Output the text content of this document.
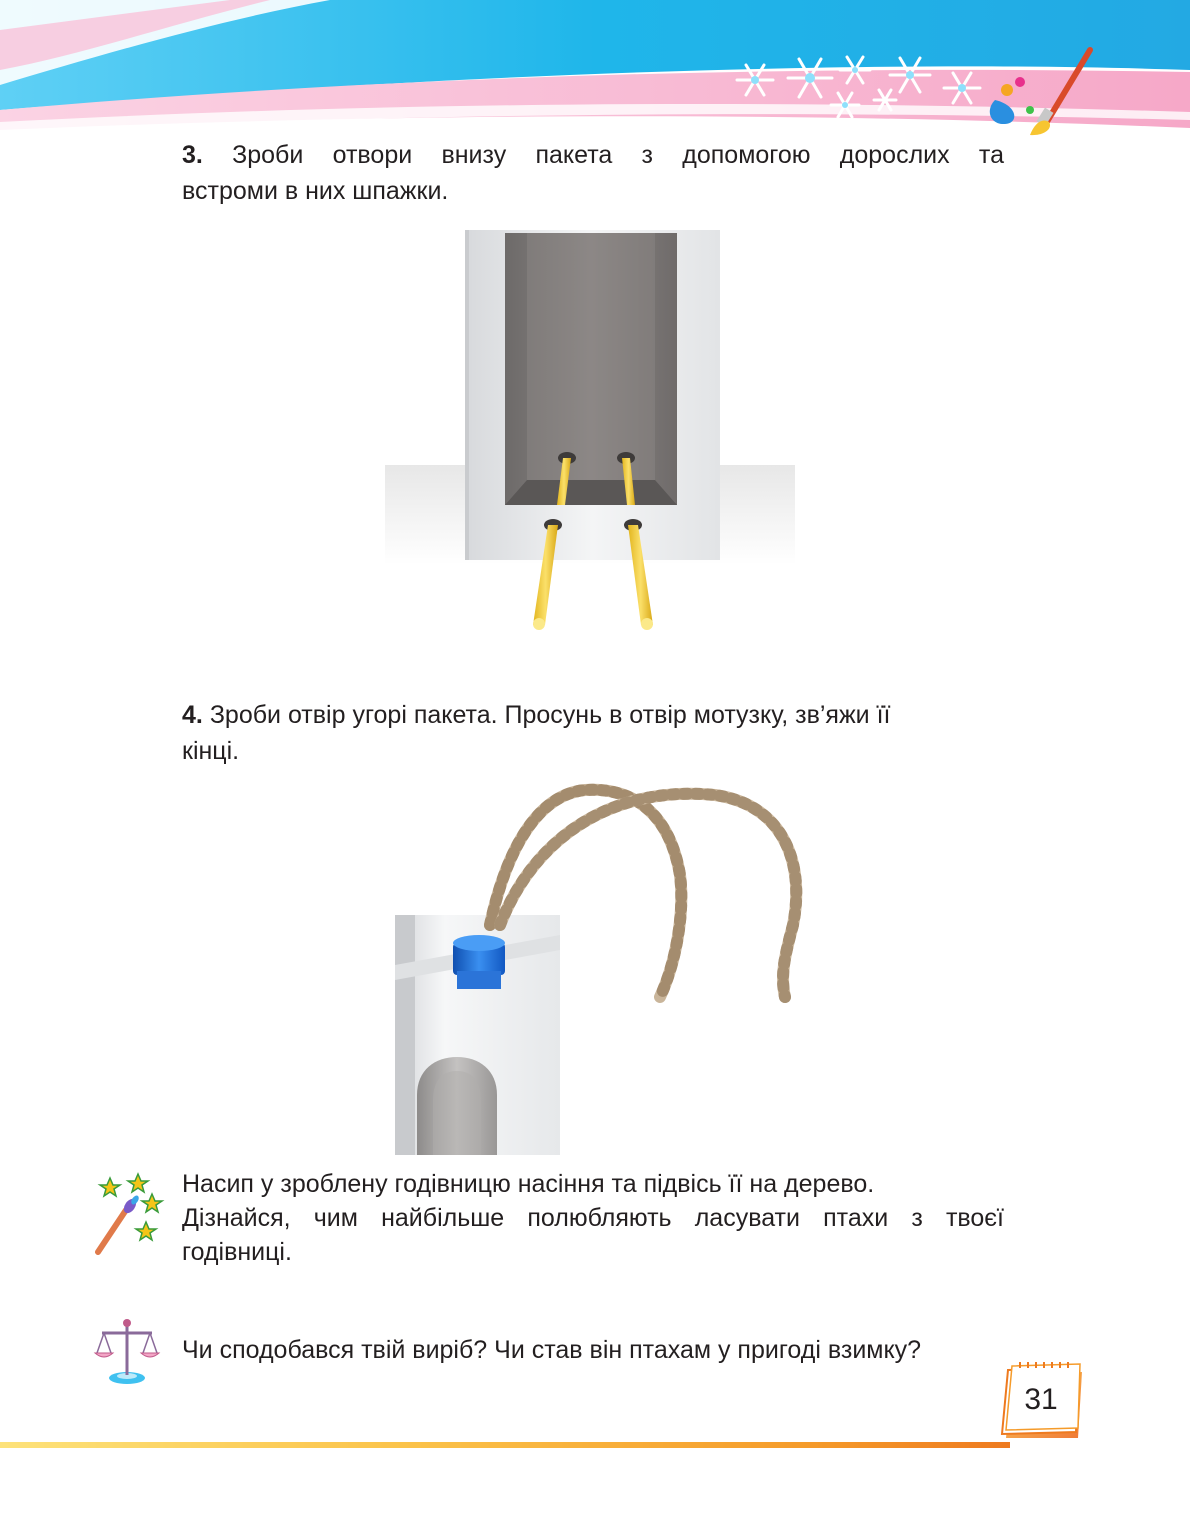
3. Зроби отвори внизу пакета з допомогою дорослих та
встроми в них шпажки.
4. Зроби отвір угорі пакета. Просунь в отвір мотузку, зв’яжи її
кінці.
Насип у зроблену годівницю насіння та підвісь її на дерево.
Дізнайся, чим найбільше полюбляють ласувати птахи з твоєї
годівниці.
Чи сподобався твій виріб? Чи став він птахам у пригоді взимку?
31
